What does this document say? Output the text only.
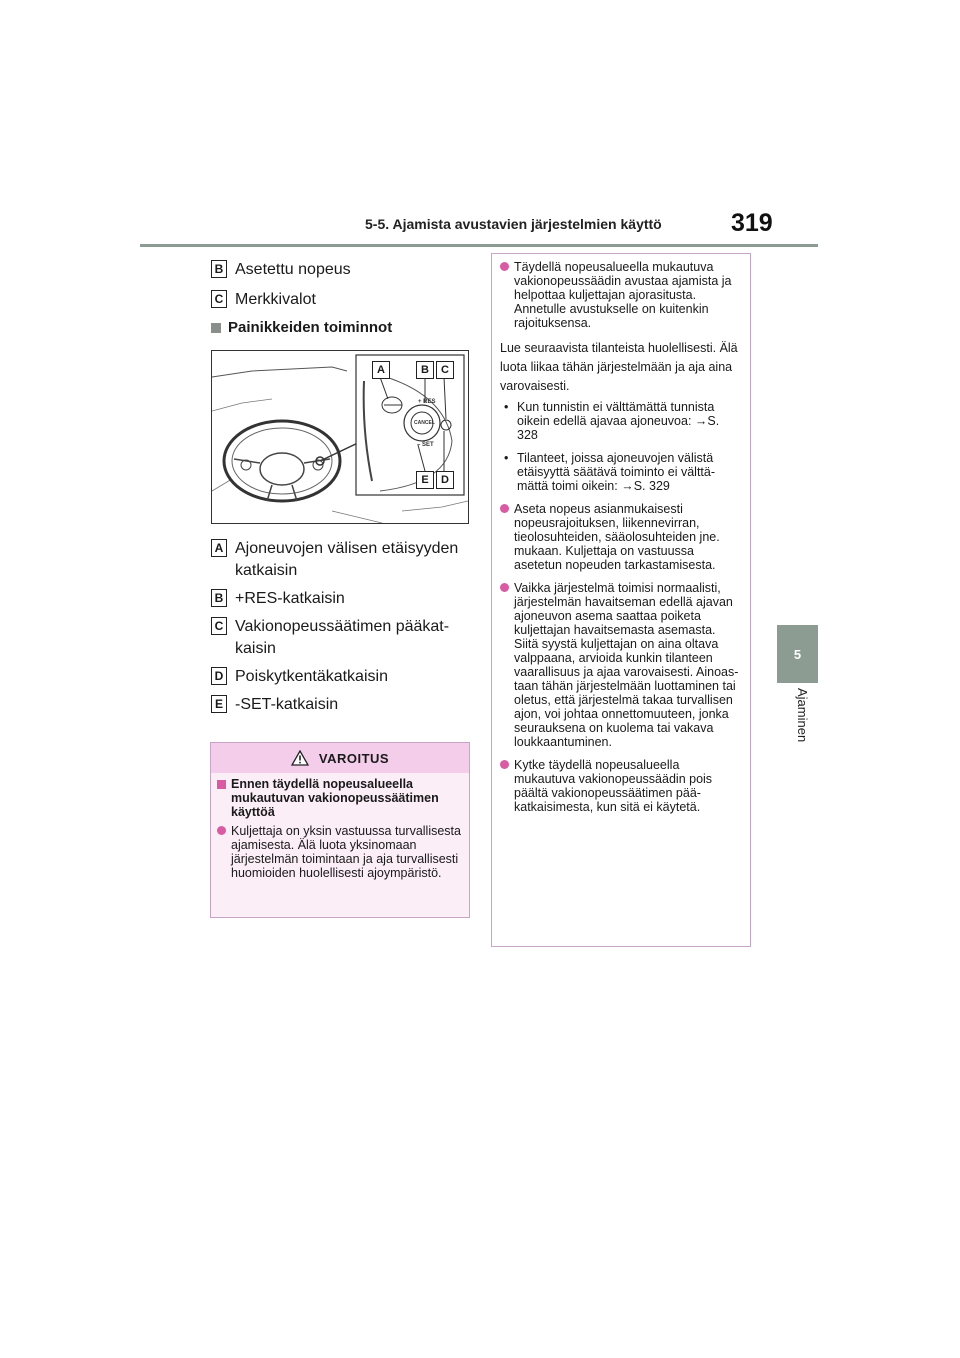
5-5. Ajamista avustavien järjestelmien käyttö	319
5
Ajaminen
B Asetettu nopeus
C Merkkivalot
Painikkeiden toiminnot
A	B	C
E	D
+ RES
CANCEL
– SET
A Ajoneuvojen välisen etäisyyden katkaisin
B +RES-katkaisin
C Vakionopeussäätimen pääkatkaisin
D Poiskytkentäkatkaisin
E -SET-katkaisin
VAROITUS
Ennen täydellä nopeusalueella mukautuvan vakionopeussäätimen käyttöä
Kuljettaja on yksin vastuussa turvallisesta ajamisesta. Älä luota yksinomaan järjestelmän toimintaan ja aja turvallisesti huomioiden huolellisesti ajoympäristö.
Täydellä nopeusalueella mukautuva vakionopeussäädin avustaa ajamista ja helpottaa kuljettajan ajorasitusta. Annetulle avustukselle on kuitenkin rajoituksensa.
Lue seuraavista tilanteista huolellisesti. Älä luota liikaa tähän järjestelmään ja aja aina varovaisesti.
• Kun tunnistin ei välttämättä tunnista oikein edellä ajavaa ajoneuvoa: →S. 328
• Tilanteet, joissa ajoneuvojen välistä etäisyyttä säätävä toiminto ei välttämättä toimi oikein: →S. 329
Aseta nopeus asianmukaisesti nopeusrajoituksen, liikennevirran, tieolosuhteiden, sääolosuhteiden jne. mukaan. Kuljettaja on vastuussa asetetun nopeuden tarkastamisesta.
Vaikka järjestelmä toimisi normaalisti, järjestelmän havaitseman edellä ajavan ajoneuvon asema saattaa poiketa kuljettajan havaitsemasta asemasta. Siitä syystä kuljettajan on aina oltava valppaana, arvioida kunkin tilanteen vaarallisuus ja ajaa varovaisesti. Ainoastaan tähän järjestelmään luottaminen tai oletus, että järjestelmä takaa turvallisen ajon, voi johtaa onnettomuuteen, jonka seurauksena on kuolema tai vakava loukkaantuminen.
Kytke täydellä nopeusalueella mukautuva vakionopeussäädin pois päältä vakionopeussäätimen pääkatkaisimesta, kun sitä ei käytetä.
